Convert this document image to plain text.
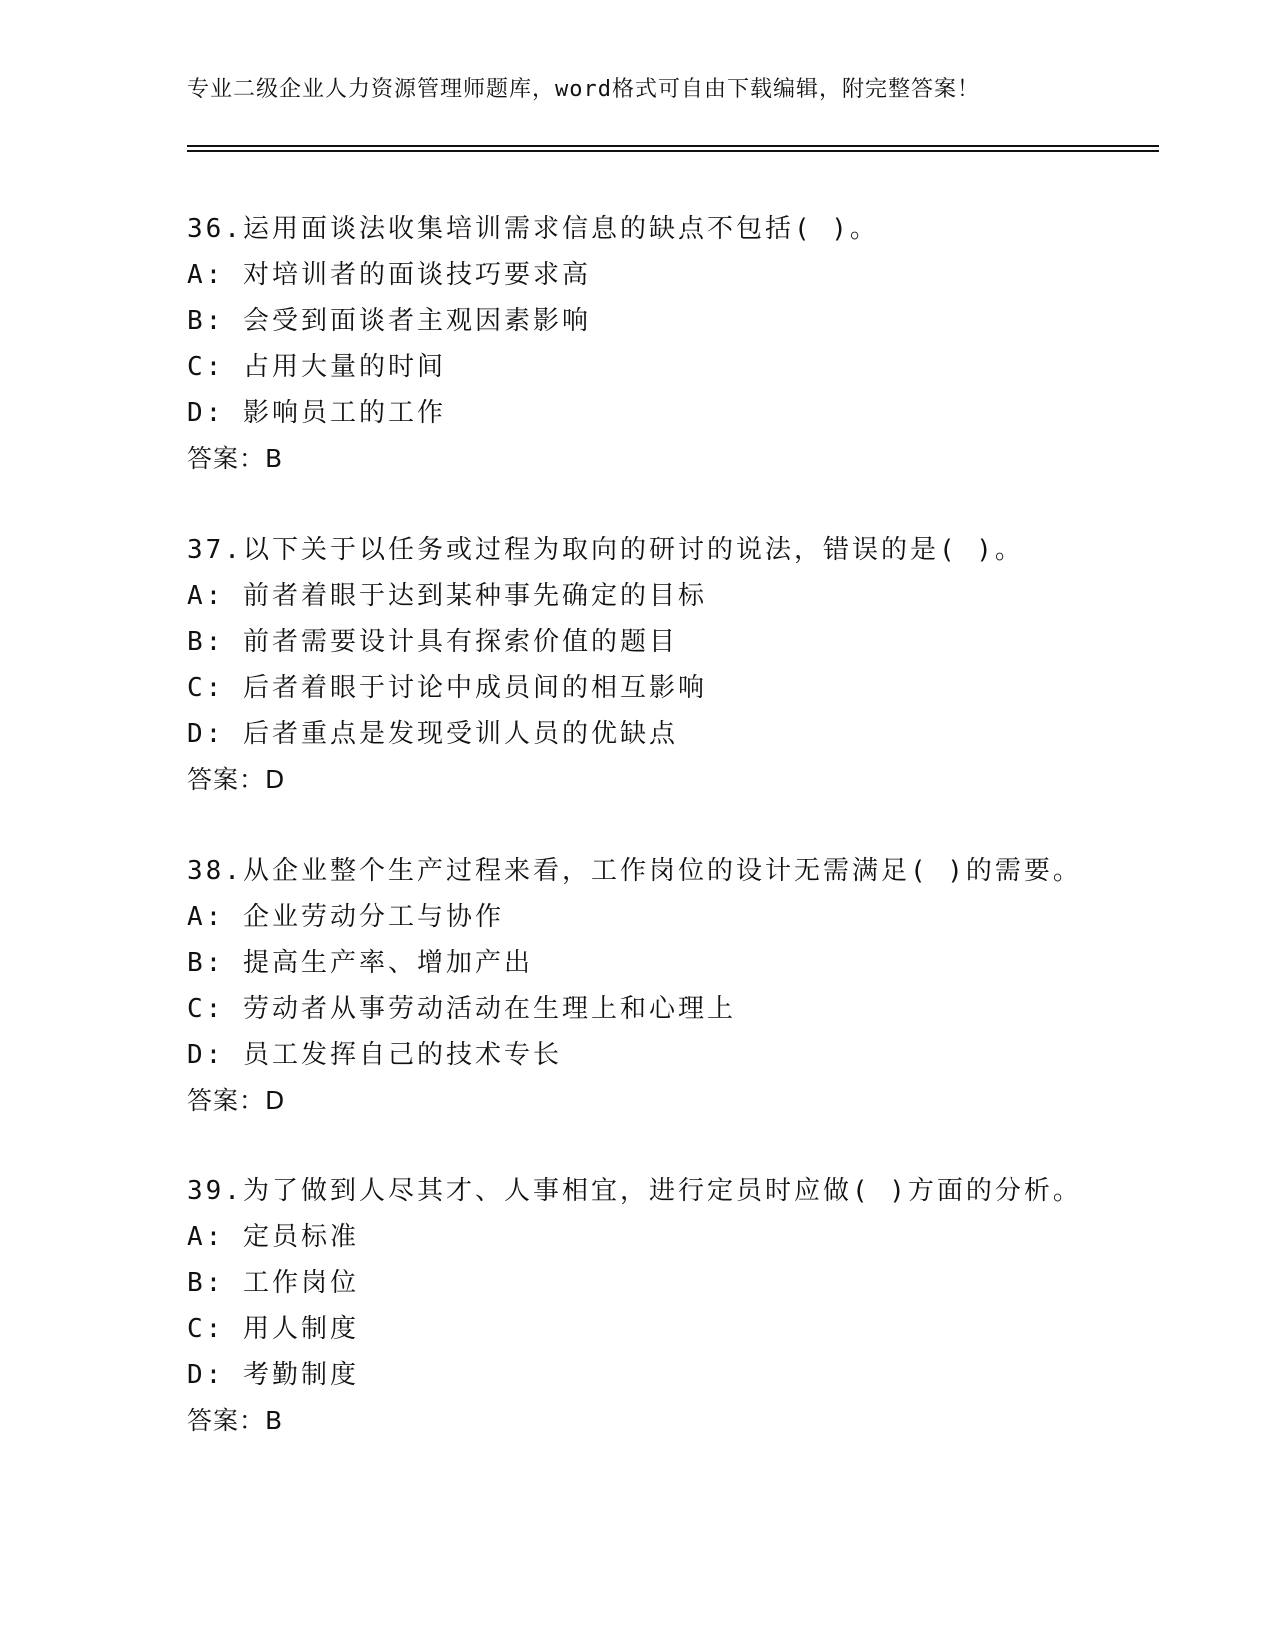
专业二级企业人力资源管理师题库，word格式可自由下载编辑，附完整答案！
36.运用面谈法收集培训需求信息的缺点不包括( )。
A: 对培训者的面谈技巧要求高
B: 会受到面谈者主观因素影响
C: 占用大量的时间
D: 影响员工的工作
答案：B
37.以下关于以任务或过程为取向的研讨的说法，错误的是( )。
A: 前者着眼于达到某种事先确定的目标
B: 前者需要设计具有探索价值的题目
C: 后者着眼于讨论中成员间的相互影响
D: 后者重点是发现受训人员的优缺点
答案：D
38.从企业整个生产过程来看，工作岗位的设计无需满足( )的需要。
A: 企业劳动分工与协作
B: 提高生产率、增加产出
C: 劳动者从事劳动活动在生理上和心理上
D: 员工发挥自己的技术专长
答案：D
39.为了做到人尽其才、人事相宜，进行定员时应做( )方面的分析。
A: 定员标准
B: 工作岗位
C: 用人制度
D: 考勤制度
答案：B
